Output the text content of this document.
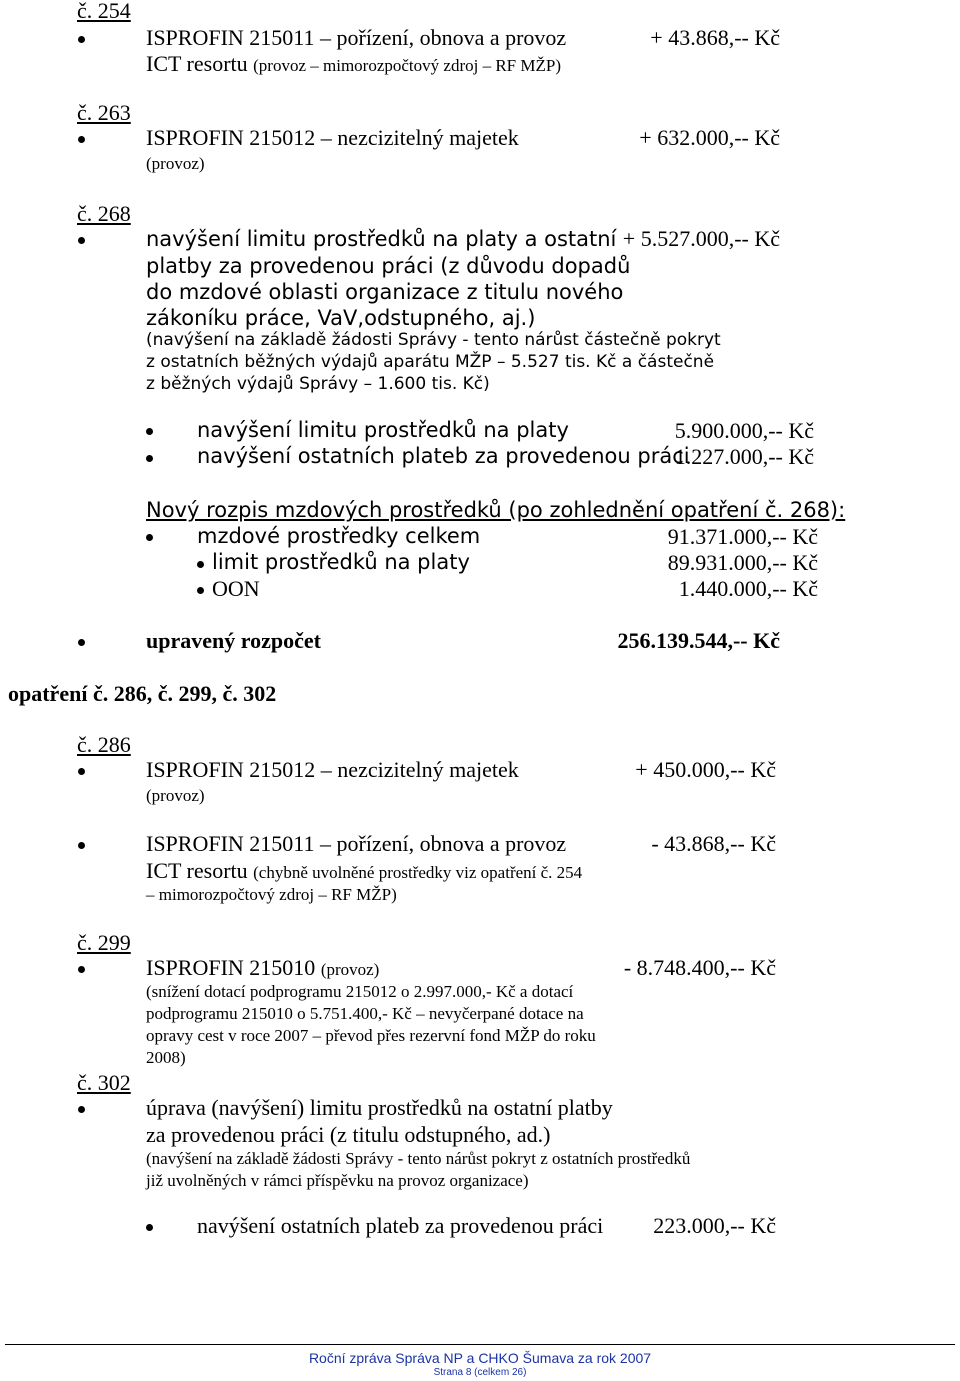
č. 254
ISPROFIN 215011 – pořízení, obnova a provoz	+ 43.868,-- Kč
ICT resortu (provoz – mimorozpočtový zdroj – RF MŽP)
č. 263
ISPROFIN 215012 – nezcizitelný majetek	+ 632.000,-- Kč
(provoz)
č. 268
navýšení limitu prostředků na platy a ostatní + 5.527.000,-- Kč
platby za provedenou práci (z důvodu dopadů
do mzdové oblasti organizace z titulu nového
zákoníku práce, VaV,odstupného, aj.)
(navýšení na základě žádosti Správy - tento nárůst částečně pokryt
z ostatních běžných výdajů aparátu MŽP – 5.527 tis. Kč a částečně
z běžných výdajů Správy – 1.600 tis. Kč)
navýšení limitu prostředků na platy	5.900.000,-- Kč
navýšení ostatních plateb za provedenou práci
1.227.000,-- Kč
Nový rozpis mzdových prostředků (po zohlednění opatření č. 268):
mzdové prostředky celkem	91.371.000,-- Kč
limit prostředků na platy	89.931.000,-- Kč
OON	1.440.000,-- Kč
upravený rozpočet	256.139.544,-- Kč
opatření č. 286, č. 299, č. 302
č. 286
ISPROFIN 215012 – nezcizitelný majetek	+ 450.000,-- Kč
(provoz)
ISPROFIN 215011 – pořízení, obnova a provoz	- 43.868,-- Kč
ICT resortu (chybně uvolněné prostředky viz opatření č. 254
– mimorozpočtový zdroj – RF MŽP)
č. 299
ISPROFIN 215010 (provoz)	- 8.748.400,-- Kč
(snížení dotací podprogramu 215012 o 2.997.000,- Kč a dotací
podprogramu 215010 o 5.751.400,- Kč – nevyčerpané dotace na
opravy cest v roce 2007 – převod přes rezervní fond MŽP do roku
2008)
č. 302
úprava (navýšení) limitu prostředků na ostatní platby
za provedenou práci (z titulu odstupného, ad.)
(navýšení na základě žádosti Správy - tento nárůst pokryt z ostatních prostředků
již uvolněných v rámci příspěvku na provoz organizace)
navýšení ostatních plateb za provedenou práci 223.000,-- Kč
Roční zpráva Správa NP a CHKO Šumava za rok 2007
Strana 8 (celkem 26)
